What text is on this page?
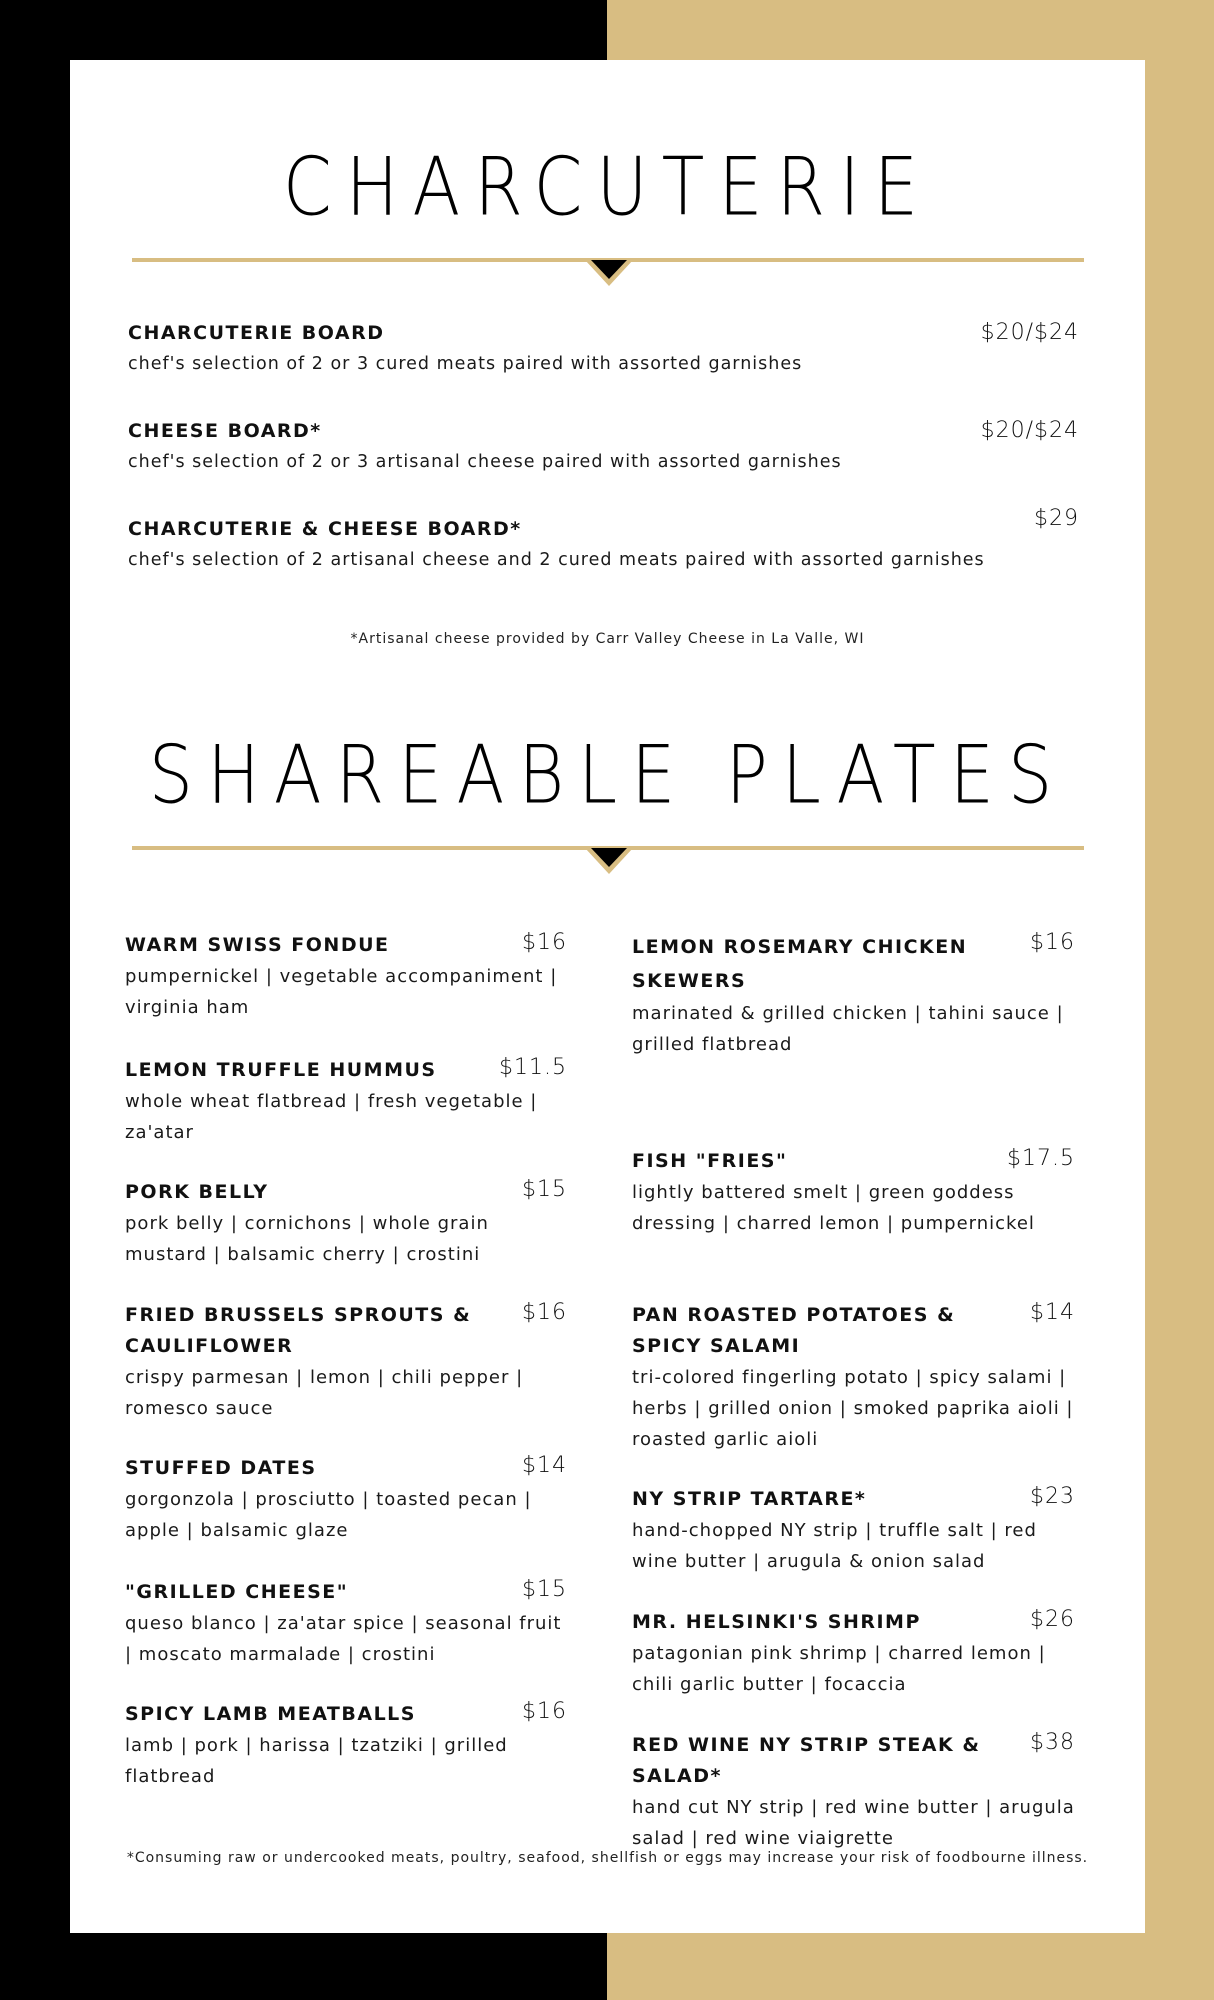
CHARCUTERIE
CHARCUTERIE BOARD
chef's selection of 2 or 3 cured meats paired with assorted garnishes
$20/$24
CHEESE BOARD*
chef's selection of 2 or 3 artisanal cheese paired with assorted garnishes
$20/$24
CHARCUTERIE & CHEESE BOARD*
chef's selection of 2 artisanal cheese and 2 cured meats paired with assorted garnishes
$29
*Artisanal cheese provided by Carr Valley Cheese in La Valle, WI
SHAREABLE PLATES
WARM SWISS FONDUE
pumpernickel | vegetable accompaniment | virginia ham
$16
LEMON TRUFFLE HUMMUS
whole wheat flatbread | fresh vegetable | za'atar
$11.5
PORK BELLY
pork belly | cornichons | whole grain mustard | balsamic cherry | crostini
$15
FRIED BRUSSELS SPROUTS & CAULIFLOWER
crispy parmesan | lemon | chili pepper | romesco sauce
$16
STUFFED DATES
gorgonzola | prosciutto | toasted pecan | apple | balsamic glaze
$14
"GRILLED CHEESE"
queso blanco | za'atar spice | seasonal fruit | moscato marmalade | crostini
$15
SPICY LAMB MEATBALLS
lamb | pork | harissa | tzatziki | grilled flatbread
$16
LEMON ROSEMARY CHICKEN SKEWERS
marinated & grilled chicken | tahini sauce | grilled flatbread
$16
FISH "FRIES"
lightly battered smelt | green goddess dressing | charred lemon | pumpernickel
$17.5
PAN ROASTED POTATOES & SPICY SALAMI
tri-colored fingerling potato | spicy salami | herbs | grilled onion | smoked paprika aioli | roasted garlic aioli
$14
NY STRIP TARTARE*
hand-chopped NY strip | truffle salt | red wine butter | arugula & onion salad
$23
MR. HELSINKI'S SHRIMP
patagonian pink shrimp | charred lemon | chili garlic butter | focaccia
$26
RED WINE NY STRIP STEAK & SALAD*
hand cut NY strip | red wine butter | arugula salad | red wine viaigrette
$38
*Consuming raw or undercooked meats, poultry, seafood, shellfish or eggs may increase your risk of foodbourne illness.
